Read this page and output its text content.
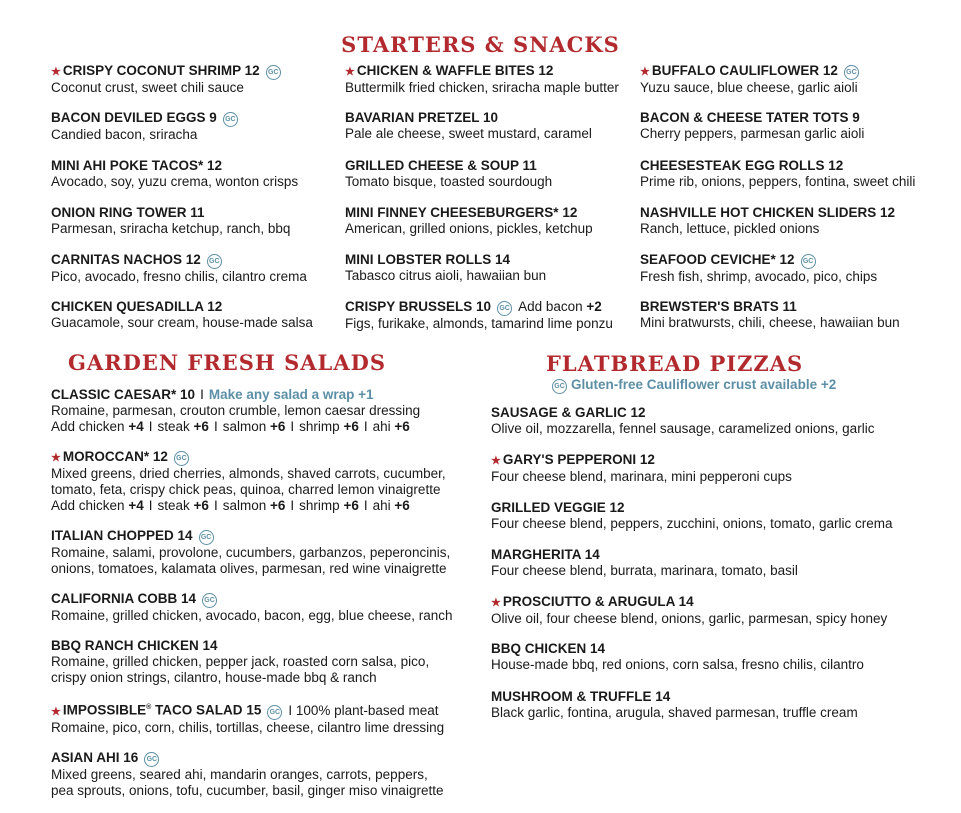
STARTERS & SNACKS
★ CRISPY COCONUT SHRIMP 12 GC
Coconut crust, sweet chili sauce
BACON DEVILED EGGS 9 GC
Candied bacon, sriracha
MINI AHI POKE TACOS* 12
Avocado, soy, yuzu crema, wonton crisps
ONION RING TOWER 11
Parmesan, sriracha ketchup, ranch, bbq
CARNITAS NACHOS 12 GC
Pico, avocado, fresno chilis, cilantro crema
CHICKEN QUESADILLA 12
Guacamole, sour cream, house-made salsa
★ CHICKEN & WAFFLE BITES 12
Buttermilk fried chicken, sriracha maple butter
BAVARIAN PRETZEL 10
Pale ale cheese, sweet mustard, caramel
GRILLED CHEESE & SOUP 11
Tomato bisque, toasted sourdough
MINI FINNEY CHEESEBURGERS* 12
American, grilled onions, pickles, ketchup
MINI LOBSTER ROLLS 14
Tabasco citrus aioli, hawaiian bun
CRISPY BRUSSELS 10 GC Add bacon +2
Figs, furikake, almonds, tamarind lime ponzu
★ BUFFALO CAULIFLOWER 12 GC
Yuzu sauce, blue cheese, garlic aioli
BACON & CHEESE TATER TOTS 9
Cherry peppers, parmesan garlic aioli
CHEESESTEAK EGG ROLLS 12
Prime rib, onions, peppers, fontina, sweet chili
NASHVILLE HOT CHICKEN SLIDERS 12
Ranch, lettuce, pickled onions
SEAFOOD CEVICHE* 12 GC
Fresh fish, shrimp, avocado, pico, chips
BREWSTER'S BRATS 11
Mini bratwursts, chili, cheese, hawaiian bun
GARDEN FRESH SALADS
CLASSIC CAESAR* 10 I Make any salad a wrap +1
Romaine, parmesan, crouton crumble, lemon caesar dressing
Add chicken +4 I steak +6 I salmon +6 I shrimp +6 I ahi +6
★ MOROCCAN* 12 GC
Mixed greens, dried cherries, almonds, shaved carrots, cucumber,
tomato, feta, crispy chick peas, quinoa, charred lemon vinaigrette
Add chicken +4 I steak +6 I salmon +6 I shrimp +6 I ahi +6
ITALIAN CHOPPED 14 GC
Romaine, salami, provolone, cucumbers, garbanzos, peperoncinis,
onions, tomatoes, kalamata olives, parmesan, red wine vinaigrette
CALIFORNIA COBB 14 GC
Romaine, grilled chicken, avocado, bacon, egg, blue cheese, ranch
BBQ RANCH CHICKEN 14
Romaine, grilled chicken, pepper jack, roasted corn salsa, pico,
crispy onion strings, cilantro, house-made bbq & ranch
★ IMPOSSIBLE® TACO SALAD 15 GC I 100% plant-based meat
Romaine, pico, corn, chilis, tortillas, cheese, cilantro lime dressing
ASIAN AHI 16 GC
Mixed greens, seared ahi, mandarin oranges, carrots, peppers,
pea sprouts, onions, tofu, cucumber, basil, ginger miso vinaigrette
FLATBREAD PIZZAS
GC Gluten-free Cauliflower crust available +2
SAUSAGE & GARLIC 12
Olive oil, mozzarella, fennel sausage, caramelized onions, garlic
★ GARY'S PEPPERONI 12
Four cheese blend, marinara, mini pepperoni cups
GRILLED VEGGIE 12
Four cheese blend, peppers, zucchini, onions, tomato, garlic crema
MARGHERITA 14
Four cheese blend, burrata, marinara, tomato, basil
★ PROSCIUTTO & ARUGULA 14
Olive oil, four cheese blend, onions, garlic, parmesan, spicy honey
BBQ CHICKEN 14
House-made bbq, red onions, corn salsa, fresno chilis, cilantro
MUSHROOM & TRUFFLE 14
Black garlic, fontina, arugula, shaved parmesan, truffle cream
